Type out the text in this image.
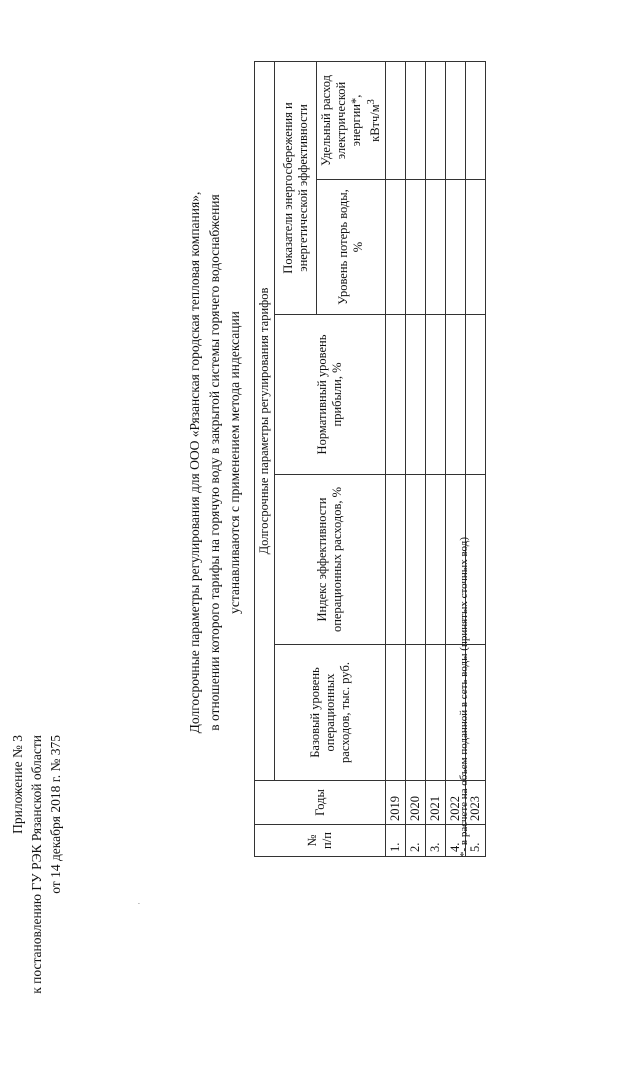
Приложение № 3 к постановлению ГУ РЭК Рязанской области от 14 декабря 2018 г. № 375
Долгосрочные параметры регулирования для ООО «Рязанская городская тепловая компания», в отношении которого тарифы на горячую воду в закрытой системы горячего водоснабжения устанавливаются с применением метода индексации
№ п/п	Годы	Долгосрочные параметры регулирования тарифов				
		Базовый уровень операционных расходов, тыс. руб.	Индекс эффективности операционных расходов, %	Нормативный уровень прибыли, %	Показатели энергосбережения и энергетической эффективности	
					Уровень потерь воды, %	Удельный расход электрической энергии*, кВтч/$м^3$
1.	2019					
2.	2020					
3.	2021					
4.	2022					
5.	2023					
*- в расчете на объем поданной в сеть воды (принятых сточных вод)
·
